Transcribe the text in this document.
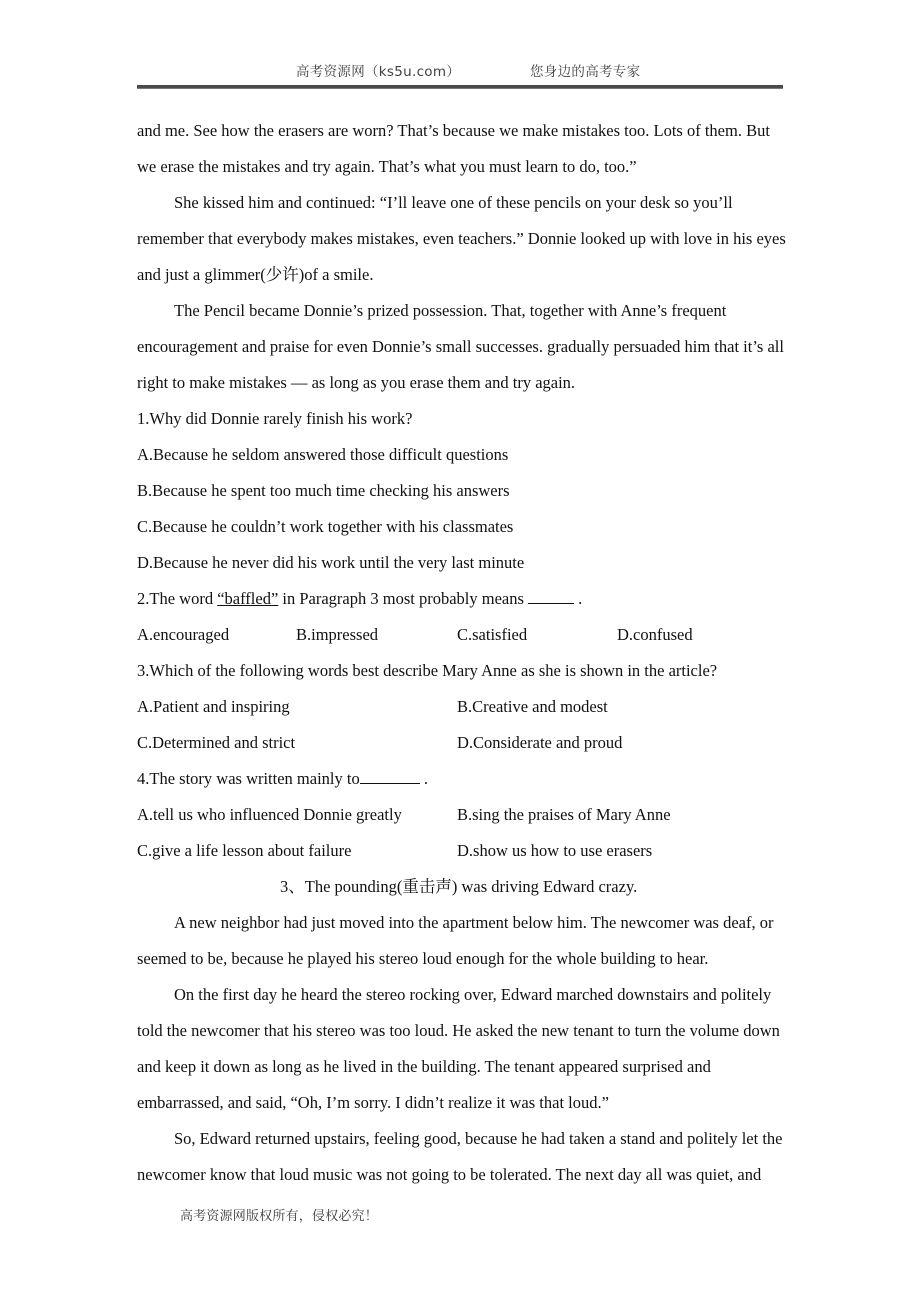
高考资源网（ks5u.com）	您身边的高考专家
and me. See how the erasers are worn? That’s because we make mistakes too. Lots of them. But
we erase the mistakes and try again. That’s what you must learn to do, too.”
She kissed him and continued: “I’ll leave one of these pencils on your desk so you’ll
remember that everybody makes mistakes, even teachers.” Donnie looked up with love in his eyes
and just a glimmer(少许)of a smile.
The Pencil became Donnie’s prized possession. That, together with Anne’s frequent
encouragement and praise for even Donnie’s small successes. gradually persuaded him that it’s all
right to make mistakes — as long as you erase them and try again.
1.Why did Donnie rarely finish his work?
A.Because he seldom answered those difficult questions
B.Because he spent too much time checking his answers
C.Because he couldn’t work together with his classmates
D.Because he never did his work until the very last minute
2.The word “baffled” in Paragraph 3 most probably means	.
A.encouraged	B.impressed	C.satisfied	D.confused
3.Which of the following words best describe Mary Anne as she is shown in the article?
A.Patient and inspiring	B.Creative and modest
C.Determined and strict	D.Considerate and proud
4.The story was written mainly to	.
A.tell us who influenced Donnie greatly	B.sing the praises of Mary Anne
C.give a life lesson about failure	D.show us how to use erasers
3、The pounding(重击声) was driving Edward crazy.
A new neighbor had just moved into the apartment below him. The newcomer was deaf, or
seemed to be, because he played his stereo loud enough for the whole building to hear.
On the first day he heard the stereo rocking over, Edward marched downstairs and politely
told the newcomer that his stereo was too loud. He asked the new tenant to turn the volume down
and keep it down as long as he lived in the building. The tenant appeared surprised and
embarrassed, and said, “Oh, I’m sorry. I didn’t realize it was that loud.”
So, Edward returned upstairs, feeling good, because he had taken a stand and politely let the
newcomer know that loud music was not going to be tolerated. The next day all was quiet, and
高考资源网版权所有，侵权必究！
